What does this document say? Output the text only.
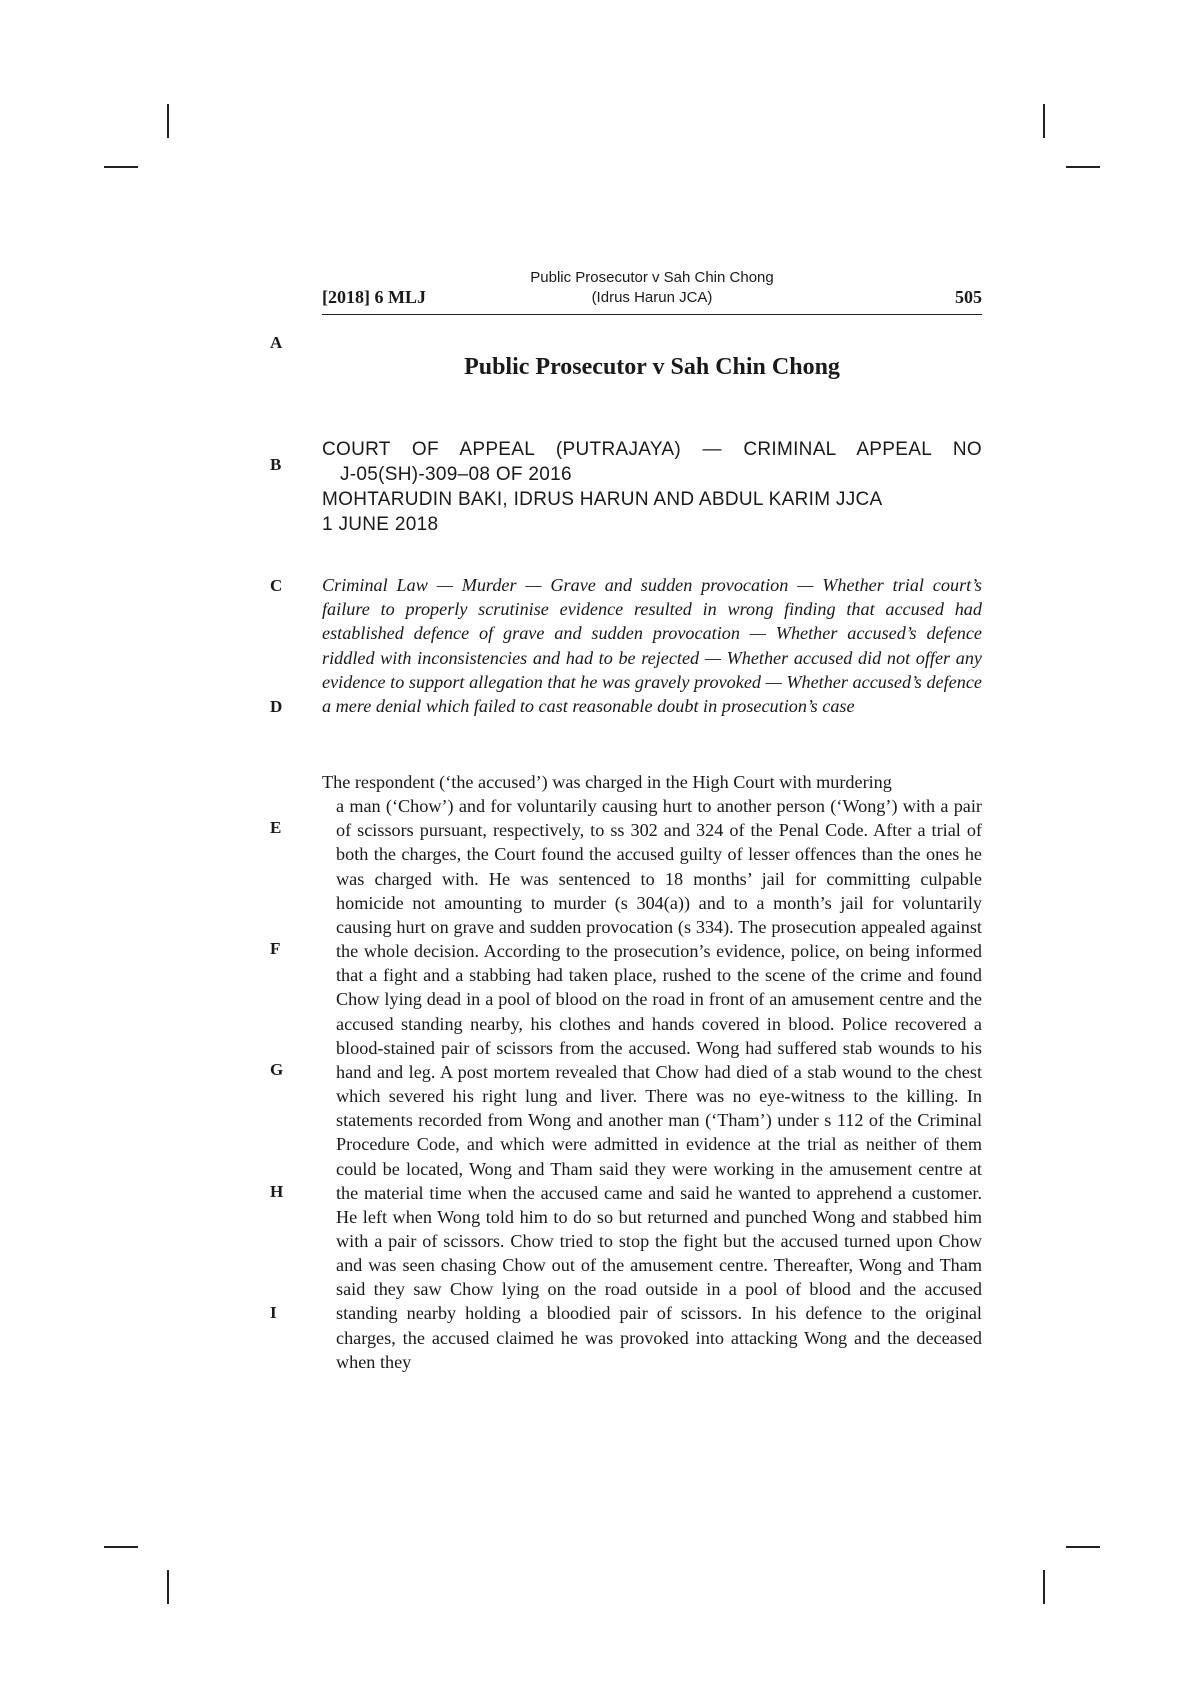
[2018] 6 MLJ
Public Prosecutor v Sah Chin Chong
(Idrus Harun JCA)	505
A
B
C
D
E
F
G
H
I
Public Prosecutor v Sah Chin Chong
COURT OF APPEAL (PUTRAJAYA) — CRIMINAL APPEAL NO
J-05(SH)-309–08 OF 2016
MOHTARUDIN BAKI, IDRUS HARUN AND ABDUL KARIM JJCA
1 JUNE 2018
Criminal Law — Murder — Grave and sudden provocation — Whether trial court’s failure to properly scrutinise evidence resulted in wrong finding that accused had established defence of grave and sudden provocation — Whether accused’s defence riddled with inconsistencies and had to be rejected — Whether accused did not offer any evidence to support allegation that he was gravely provoked — Whether accused’s defence a mere denial which failed to cast reasonable doubt in prosecution’s case
The respondent (‘the accused’) was charged in the High Court with murdering
a man (‘Chow’) and for voluntarily causing hurt to another person (‘Wong’) with a pair of scissors pursuant, respectively, to ss 302 and 324 of the Penal Code. After a trial of both the charges, the Court found the accused guilty of lesser offences than the ones he was charged with. He was sentenced to 18 months’ jail for committing culpable homicide not amounting to murder (s 304(a)) and to a month’s jail for voluntarily causing hurt on grave and sudden provocation (s 334). The prosecution appealed against the whole decision. According to the prosecution’s evidence, police, on being informed that a fight and a stabbing had taken place, rushed to the scene of the crime and found Chow lying dead in a pool of blood on the road in front of an amusement centre and the accused standing nearby, his clothes and hands covered in blood. Police recovered a blood-stained pair of scissors from the accused. Wong had suffered stab wounds to his hand and leg. A post mortem revealed that Chow had died of a stab wound to the chest which severed his right lung and liver. There was no eye-witness to the killing. In statements recorded from Wong and another man (‘Tham’) under s 112 of the Criminal Procedure Code, and which were admitted in evidence at the trial as neither of them could be located, Wong and Tham said they were working in the amusement centre at the material time when the accused came and said he wanted to apprehend a customer. He left when Wong told him to do so but returned and punched Wong and stabbed him with a pair of scissors. Chow tried to stop the fight but the accused turned upon Chow and was seen chasing Chow out of the amusement centre. Thereafter, Wong and Tham said they saw Chow lying on the road outside in a pool of blood and the accused standing nearby holding a bloodied pair of scissors. In his defence to the original charges, the accused claimed he was provoked into attacking Wong and the deceased when they
